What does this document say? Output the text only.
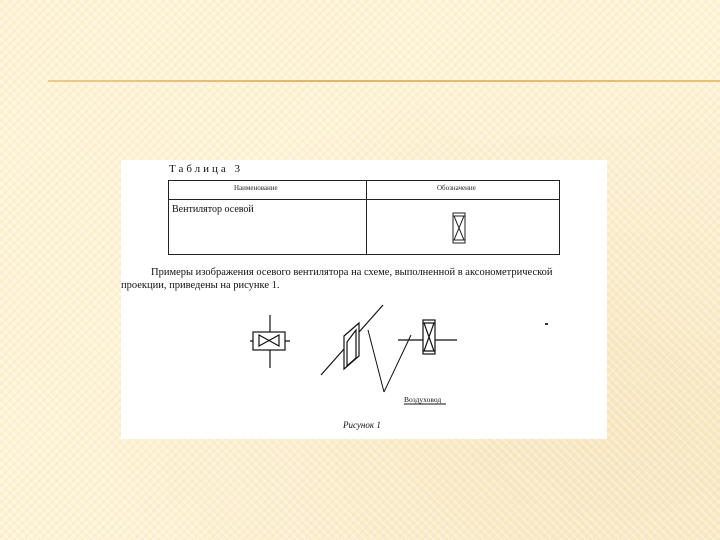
Таблица 3
Наименование	Обозначение
Вентилятор осевой
Примеры изображения осевого вентилятора на схеме, выполненной в аксонометрической
проекции, приведены на рисунке 1.
Воздуховод
Рисунок 1
